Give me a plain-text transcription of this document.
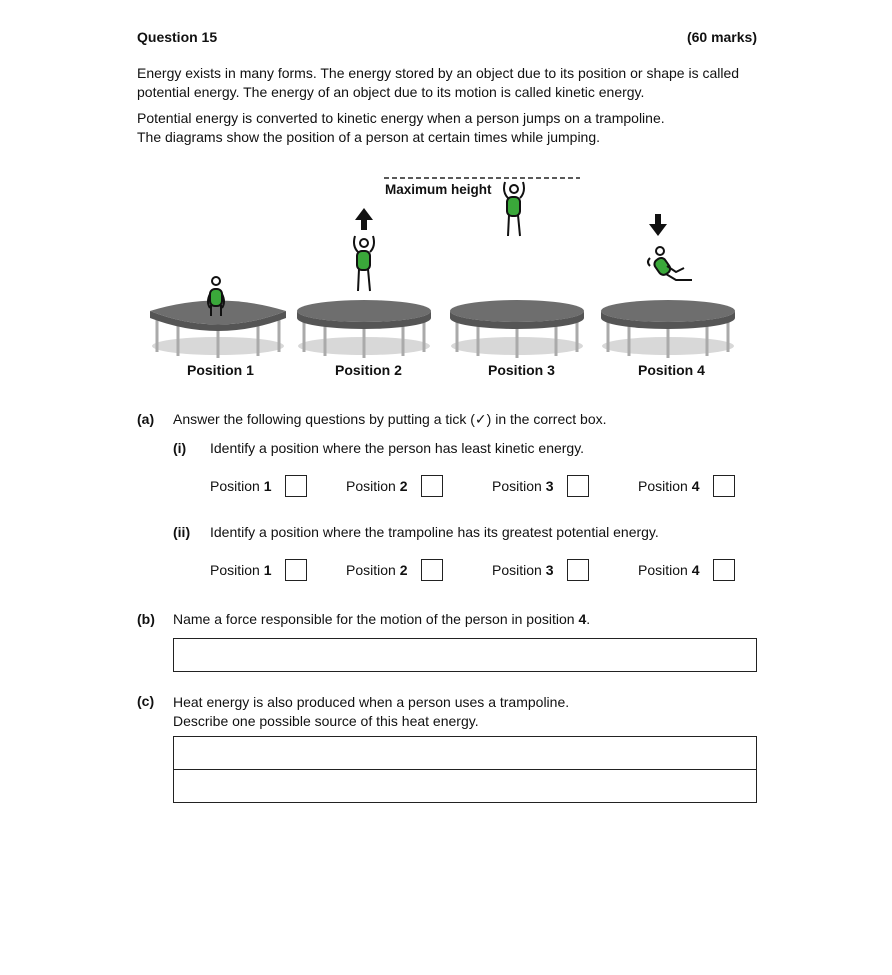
Question 15	(60 marks)
Energy exists in many forms. The energy stored by an object due to its position or shape is called
potential energy. The energy of an object due to its motion is called kinetic energy.
Potential energy is converted to kinetic energy when a person jumps on a trampoline.
The diagrams show the position of a person at certain times while jumping.
Maximum height
Position 1	Position 2	Position 3	Position 4
(a) Answer the following questions by putting a tick (✓) in the correct box.
(i) Identify a position where the person has least kinetic energy.
Position 1	Position 2	Position 3	Position 4
(ii) Identify a position where the trampoline has its greatest potential energy.
Position 1	Position 2	Position 3	Position 4
(b) Name a force responsible for the motion of the person in position 4.
(c) Heat energy is also produced when a person uses a trampoline.
Describe one possible source of this heat energy.
